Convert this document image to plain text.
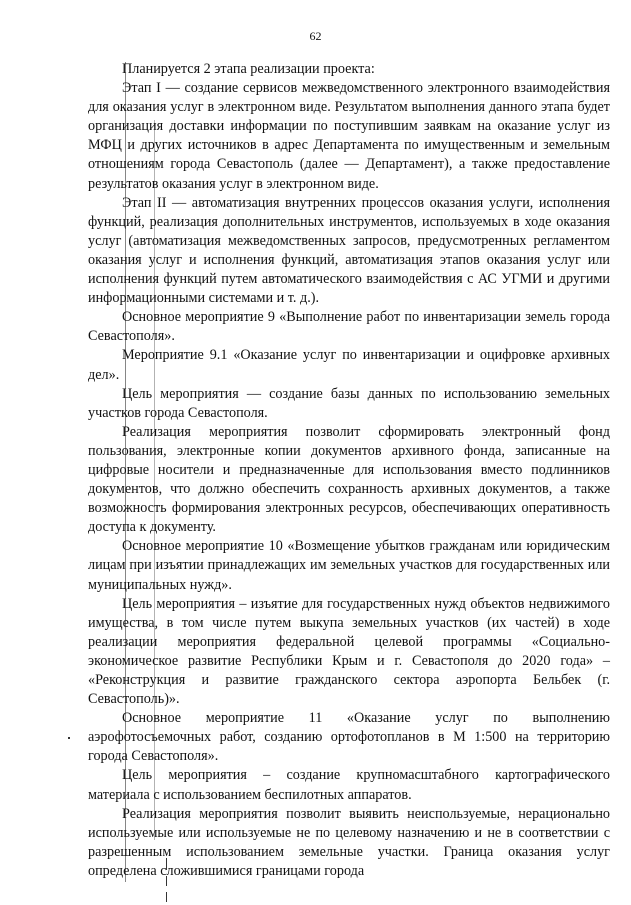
62

Планируется 2 этапа реализации проекта:

Этап I — создание сервисов межведомственного электронного взаимодействия для оказания услуг в электронном виде. Результатом выполнения данного этапа будет организация доставки информации по поступившим заявкам на оказание услуг из МФЦ и других источников в адрес Департамента по имущественным и земельным отношениям города Севастополь (далее — Департамент), а также предоставление результатов оказания услуг в электронном виде.

Этап II — автоматизация внутренних процессов оказания услуги, исполнения функций, реализация дополнительных инструментов, используемых в ходе оказания услуг (автоматизация межведомственных запросов, предусмотренных регламентом оказания услуг и исполнения функций, автоматизация этапов оказания услуг или исполнения функций путем автоматического взаимодействия с АС УГМИ и другими информационными системами и т. д.).

Основное мероприятие 9 «Выполнение работ по инвентаризации земель города Севастополя».

Мероприятие 9.1 «Оказание услуг по инвентаризации и оцифровке архивных дел».

Цель мероприятия — создание базы данных по использованию земельных участков города Севастополя.

Реализация мероприятия позволит сформировать электронный фонд пользования, электронные копии документов архивного фонда, записанные на цифровые носители и предназначенные для использования вместо подлинников документов, что должно обеспечить сохранность архивных документов, а также возможность формирования электронных ресурсов, обеспечивающих оперативность доступа к документу.

Основное мероприятие 10 «Возмещение убытков гражданам или юридическим лицам при изъятии принадлежащих им земельных участков для государственных или муниципальных нужд».

Цель мероприятия – изъятие для государственных нужд объектов недвижимого имущества, в том числе путем выкупа земельных участков (их частей) в ходе реализации мероприятия федеральной целевой программы «Социально-экономическое развитие Республики Крым и г. Севастополя до 2020 года» – «Реконструкция и развитие гражданского сектора аэропорта Бельбек (г. Севастополь)».

Основное мероприятие 11 «Оказание услуг по выполнению аэрофотосъемочных работ, созданию ортофотопланов в М 1:500 на территорию города Севастополя».

Цель мероприятия – создание крупномасштабного картографического материала с использованием беспилотных аппаратов.

Реализация мероприятия позволит выявить неиспользуемые, нерационально используемые или используемые не по целевому назначению и не в соответствии с разрешенным использованием земельные участки. Граница оказания услуг определена сложившимися границами города
